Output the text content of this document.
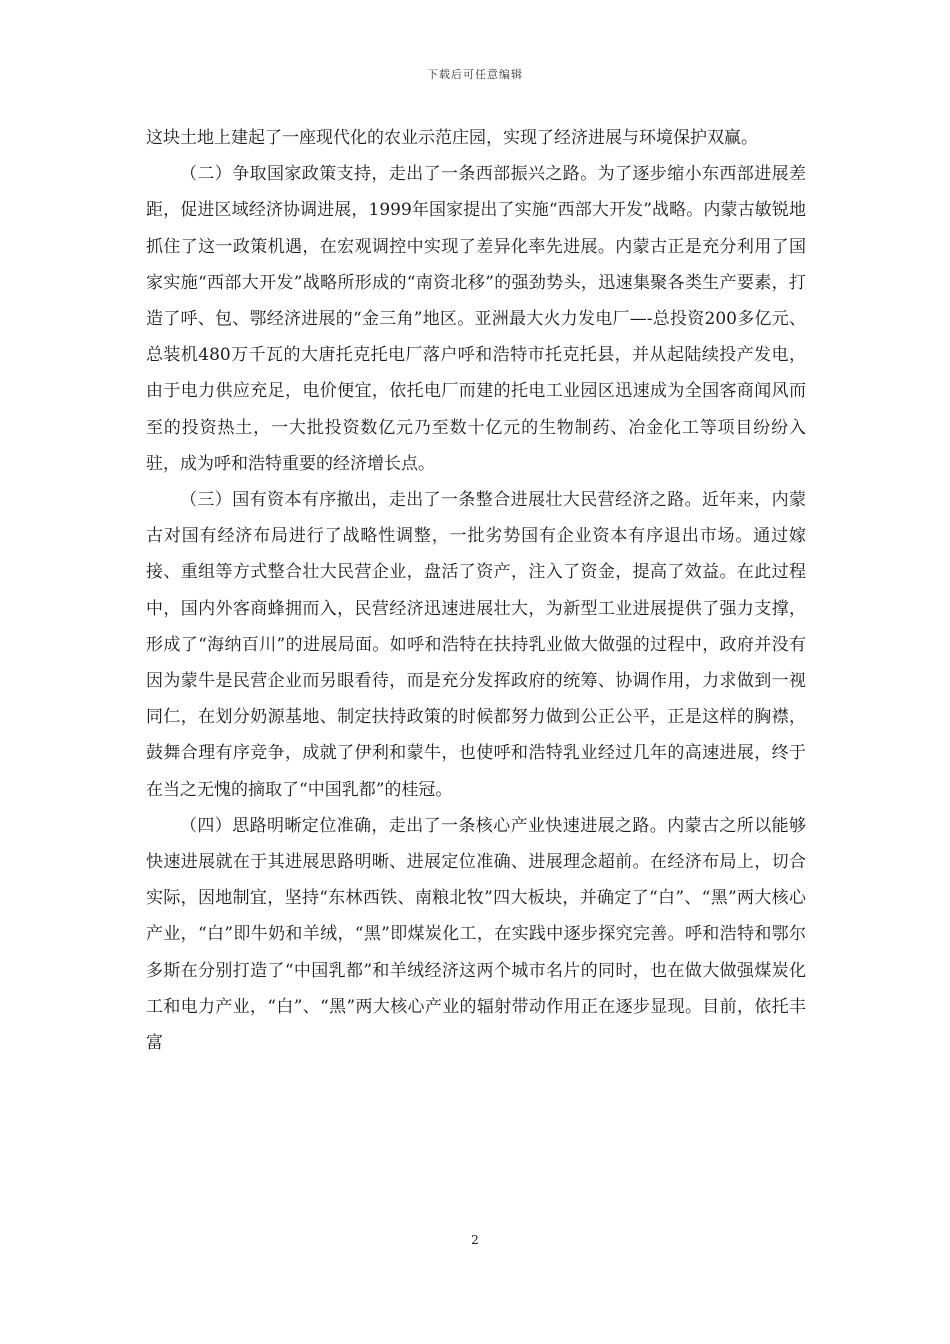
下载后可任意编辑

这块土地上建起了一座现代化的农业示范庄园，实现了经济进展与环境保护双赢。

（二）争取国家政策支持，走出了一条西部振兴之路。为了逐步缩小东西部进展差距，促进区域经济协调进展，1999年国家提出了实施“西部大开发”战略。内蒙古敏锐地抓住了这一政策机遇，在宏观调控中实现了差异化率先进展。内蒙古正是充分利用了国家实施“西部大开发”战略所形成的“南资北移”的强劲势头，迅速集聚各类生产要素，打造了呼、包、鄂经济进展的“金三角”地区。亚洲最大火力发电厂—-总投资200多亿元、总装机480万千瓦的大唐托克托电厂落户呼和浩特市托克托县，并从起陆续投产发电，由于电力供应充足，电价便宜，依托电厂而建的托电工业园区迅速成为全国客商闻风而至的投资热土，一大批投资数亿元乃至数十亿元的生物制药、冶金化工等项目纷纷入驻，成为呼和浩特重要的经济增长点。

（三）国有资本有序撤出，走出了一条整合进展壮大民营经济之路。近年来，内蒙古对国有经济布局进行了战略性调整，一批劣势国有企业资本有序退出市场。通过嫁接、重组等方式整合壮大民营企业，盘活了资产，注入了资金，提高了效益。在此过程中，国内外客商蜂拥而入，民营经济迅速进展壮大，为新型工业进展提供了强力支撑，形成了“海纳百川”的进展局面。如呼和浩特在扶持乳业做大做强的过程中，政府并没有因为蒙牛是民营企业而另眼看待，而是充分发挥政府的统筹、协调作用，力求做到一视同仁，在划分奶源基地、制定扶持政策的时候都努力做到公正公平，正是这样的胸襟，鼓舞合理有序竞争，成就了伊利和蒙牛，也使呼和浩特乳业经过几年的高速进展，终于在当之无愧的摘取了“中国乳都”的桂冠。

（四）思路明晰定位准确，走出了一条核心产业快速进展之路。内蒙古之所以能够快速进展就在于其进展思路明晰、进展定位准确、进展理念超前。在经济布局上，切合实际，因地制宜，坚持“东林西铁、南粮北牧”四大板块，并确定了“白”、“黑”两大核心产业，“白”即牛奶和羊绒，“黑”即煤炭化工，在实践中逐步探究完善。呼和浩特和鄂尔多斯在分别打造了“中国乳都”和羊绒经济这两个城市名片的同时，也在做大做强煤炭化工和电力产业，“白”、“黑”两大核心产业的辐射带动作用正在逐步显现。目前，依托丰富

2
